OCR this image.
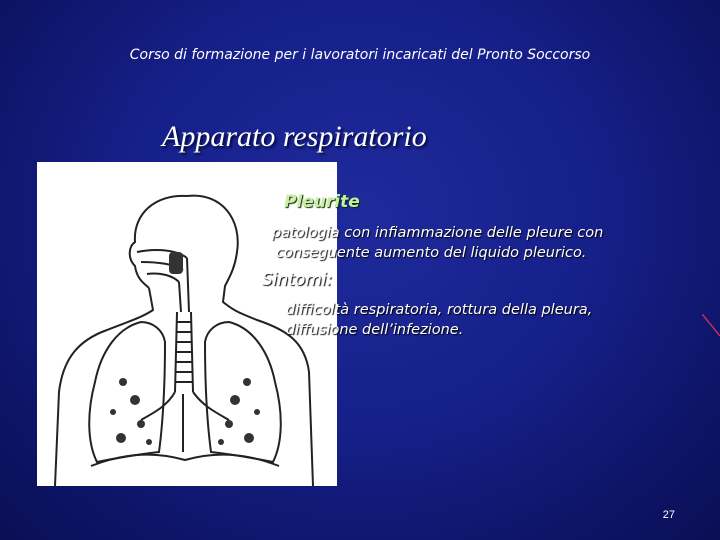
Corso di formazione per i lavoratori incaricati del Pronto Soccorso
Apparato respiratorio
Pleurite
patologia con infiammazione delle pleure con
conseguente aumento del liquido pleurico.
Sintomi:
difficoltà respiratoria, rottura della pleura,
diffusione dell’infezione.
27
